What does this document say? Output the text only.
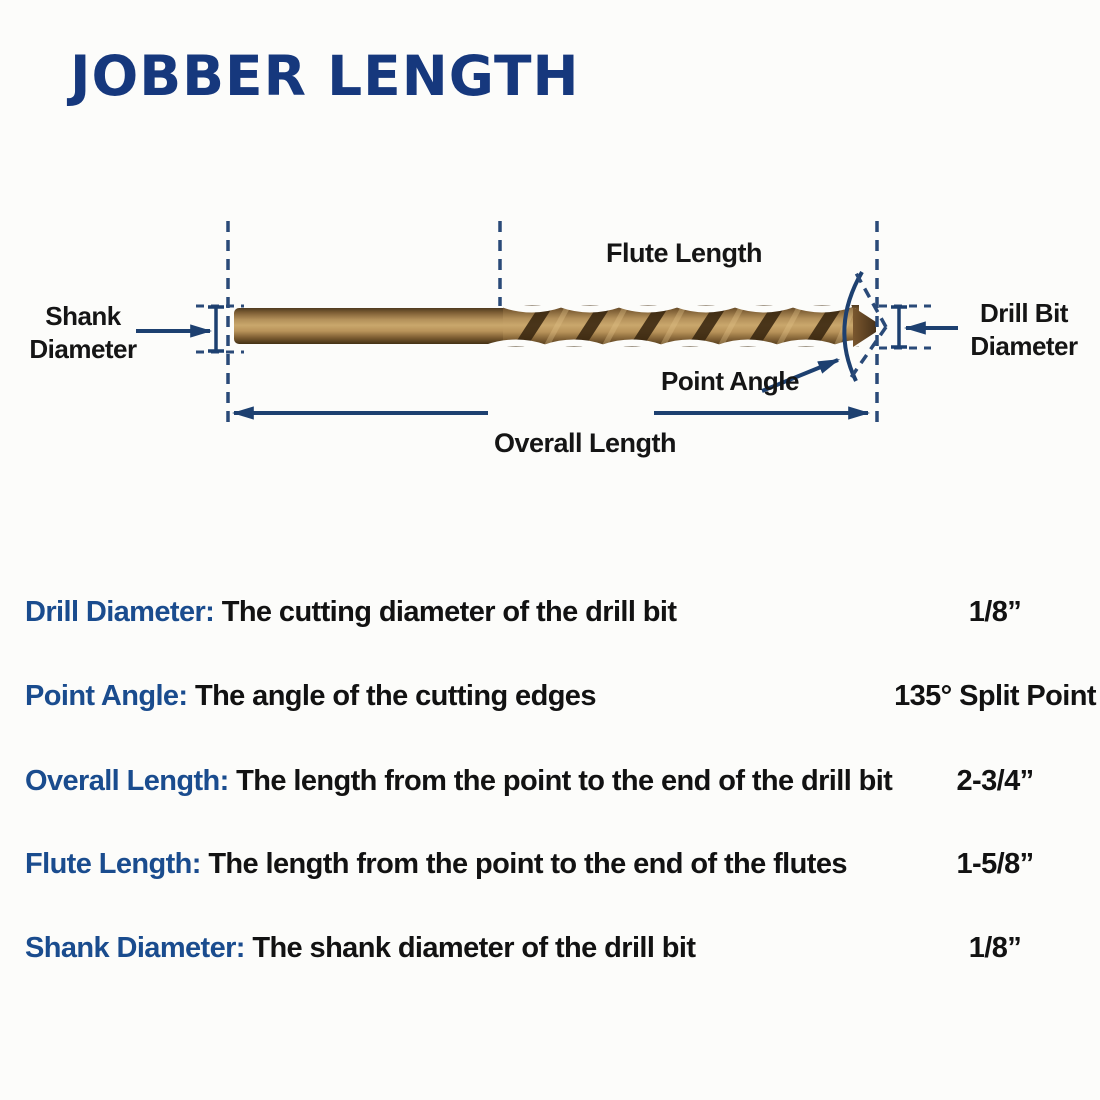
JOBBER LENGTH
Shank
Diameter
Flute Length
Drill Bit
Diameter
Point Angle
Overall Length
Drill Diameter: The cutting diameter of the drill bit	1/8”
Point Angle: The angle of the cutting edges	135° Split Point
Overall Length: The length from the point to the end of the drill bit	2-3/4”
Flute Length: The length from the point to the end of the flutes	1-5/8”
Shank Diameter: The shank diameter of the drill bit	1/8”
